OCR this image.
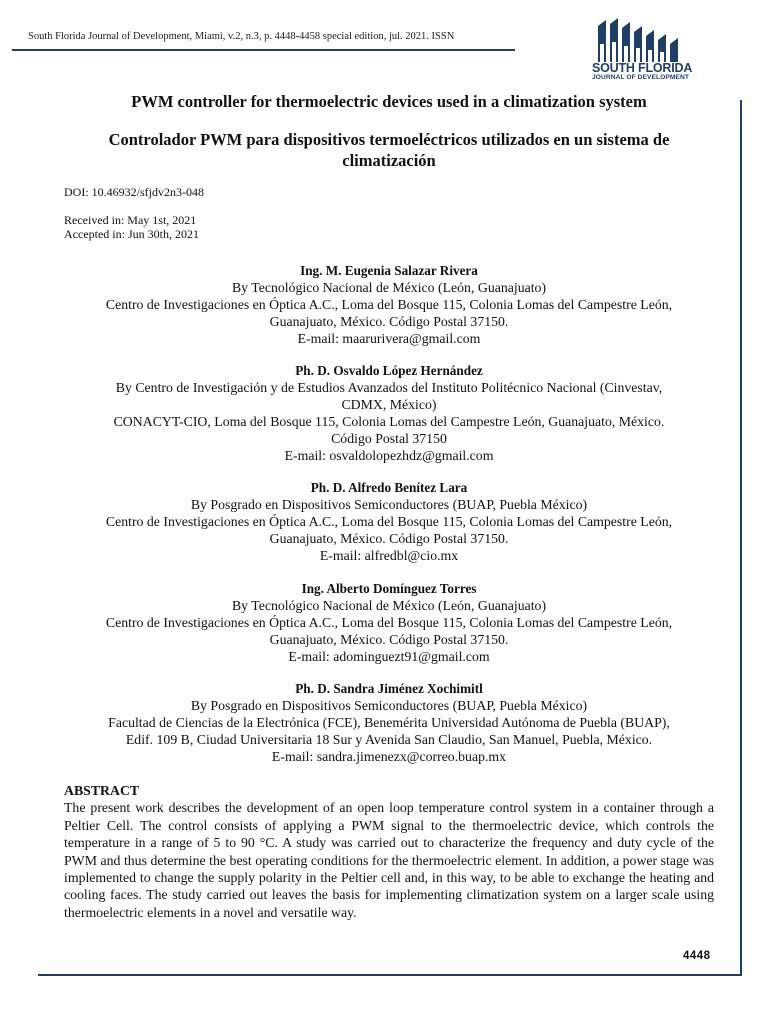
South Florida Journal of Development, Miami, v.2, n.3, p. 4448-4458 special edition, jul. 2021. ISSN
SOUTH FLORIDA
JOURNAL OF DEVELOPMENT
PWM controller for thermoelectric devices used in a climatization system
Controlador PWM para dispositivos termoeléctricos utilizados en un sistema de climatización
DOI: 10.46932/sfjdv2n3-048
Received in: May 1st, 2021
Accepted in: Jun 30th, 2021
Ing. M. Eugenia Salazar Rivera
By Tecnológico Nacional de México (León, Guanajuato)
Centro de Investigaciones en Óptica A.C., Loma del Bosque 115, Colonia Lomas del Campestre León,
Guanajuato, México. Código Postal 37150.
E-mail: maarurivera@gmail.com
Ph. D. Osvaldo López Hernández
By Centro de Investigación y de Estudios Avanzados del Instituto Politécnico Nacional (Cinvestav,
CDMX, México)
CONACYT-CIO, Loma del Bosque 115, Colonia Lomas del Campestre León, Guanajuato, México.
Código Postal 37150
E-mail: osvaldolopezhdz@gmail.com
Ph. D. Alfredo Benítez Lara
By Posgrado en Dispositivos Semiconductores (BUAP, Puebla México)
Centro de Investigaciones en Óptica A.C., Loma del Bosque 115, Colonia Lomas del Campestre León,
Guanajuato, México. Código Postal 37150.
E-mail: alfredbl@cio.mx
Ing. Alberto Domínguez Torres
By Tecnológico Nacional de México (León, Guanajuato)
Centro de Investigaciones en Óptica A.C., Loma del Bosque 115, Colonia Lomas del Campestre León,
Guanajuato, México. Código Postal 37150.
E-mail: adominguezt91@gmail.com
Ph. D. Sandra Jiménez Xochimitl
By Posgrado en Dispositivos Semiconductores (BUAP, Puebla México)
Facultad de Ciencias de la Electrónica (FCE), Benemérita Universidad Autónoma de Puebla (BUAP),
Edif. 109 B, Ciudad Universitaria 18 Sur y Avenida San Claudio, San Manuel, Puebla, México.
E-mail: sandra.jimenezx@correo.buap.mx
ABSTRACT
The present work describes the development of an open loop temperature control system in a container through a Peltier Cell. The control consists of applying a PWM signal to the thermoelectric device, which controls the temperature in a range of 5 to 90 °C. A study was carried out to characterize the frequency and duty cycle of the PWM and thus determine the best operating conditions for the thermoelectric element. In addition, a power stage was implemented to change the supply polarity in the Peltier cell and, in this way, to be able to exchange the heating and cooling faces. The study carried out leaves the basis for implementing climatization system on a larger scale using thermoelectric elements in a novel and versatile way.
4448
